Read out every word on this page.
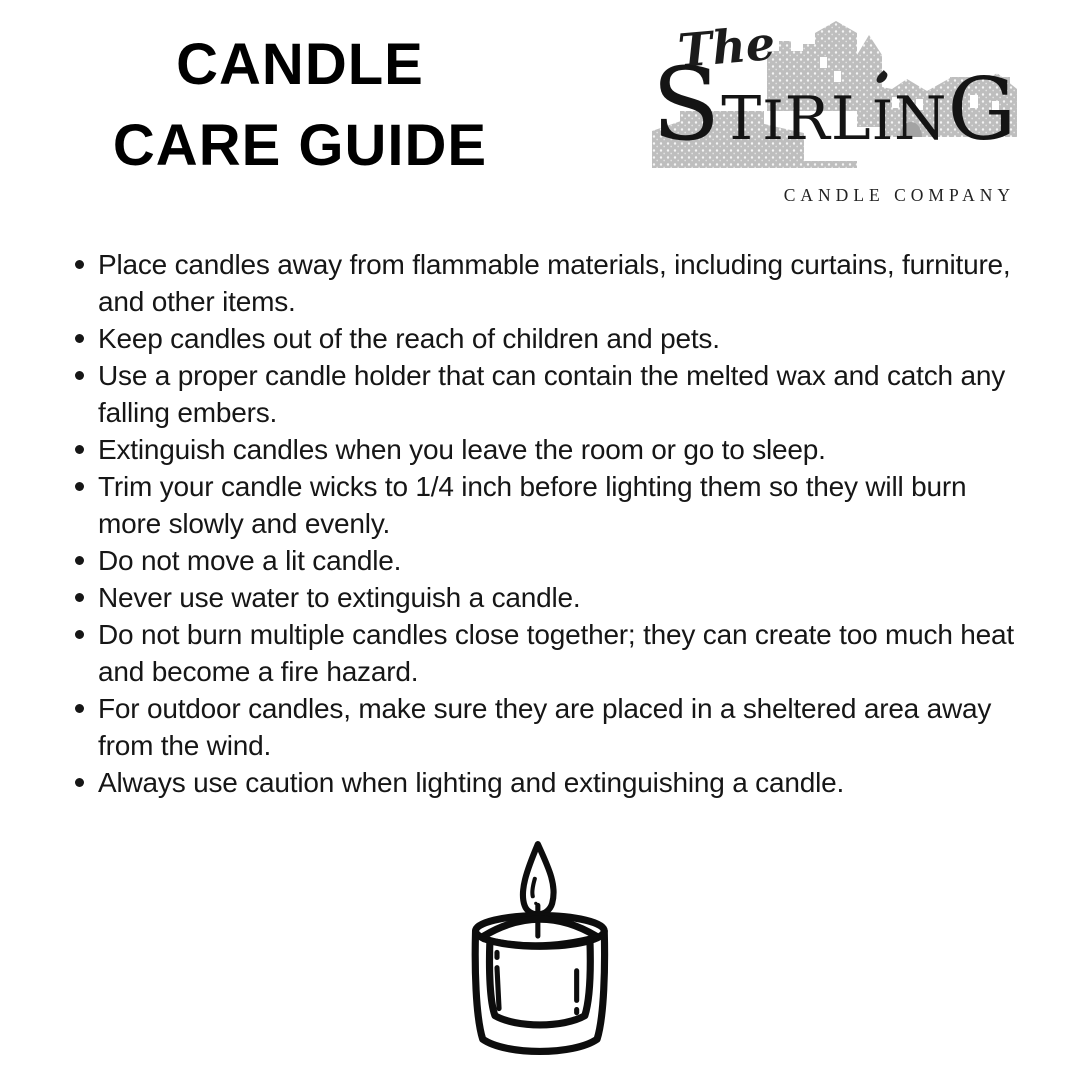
CANDLE
CARE GUIDE
The
S T I R L I N G
CANDLE COMPANY
Place candles away from flammable materials, including curtains, furniture, and other items.
Keep candles out of the reach of children and pets.
Use a proper candle holder that can contain the melted wax and catch any falling embers.
Extinguish candles when you leave the room or go to sleep.
Trim your candle wicks to 1/4 inch before lighting them so they will burn more slowly and evenly.
Do not move a lit candle.
Never use water to extinguish a candle.
Do not burn multiple candles close together; they can create too much heat and become a fire hazard.
For outdoor candles, make sure they are placed in a sheltered area away from the wind.
Always use caution when lighting and extinguishing a candle.
